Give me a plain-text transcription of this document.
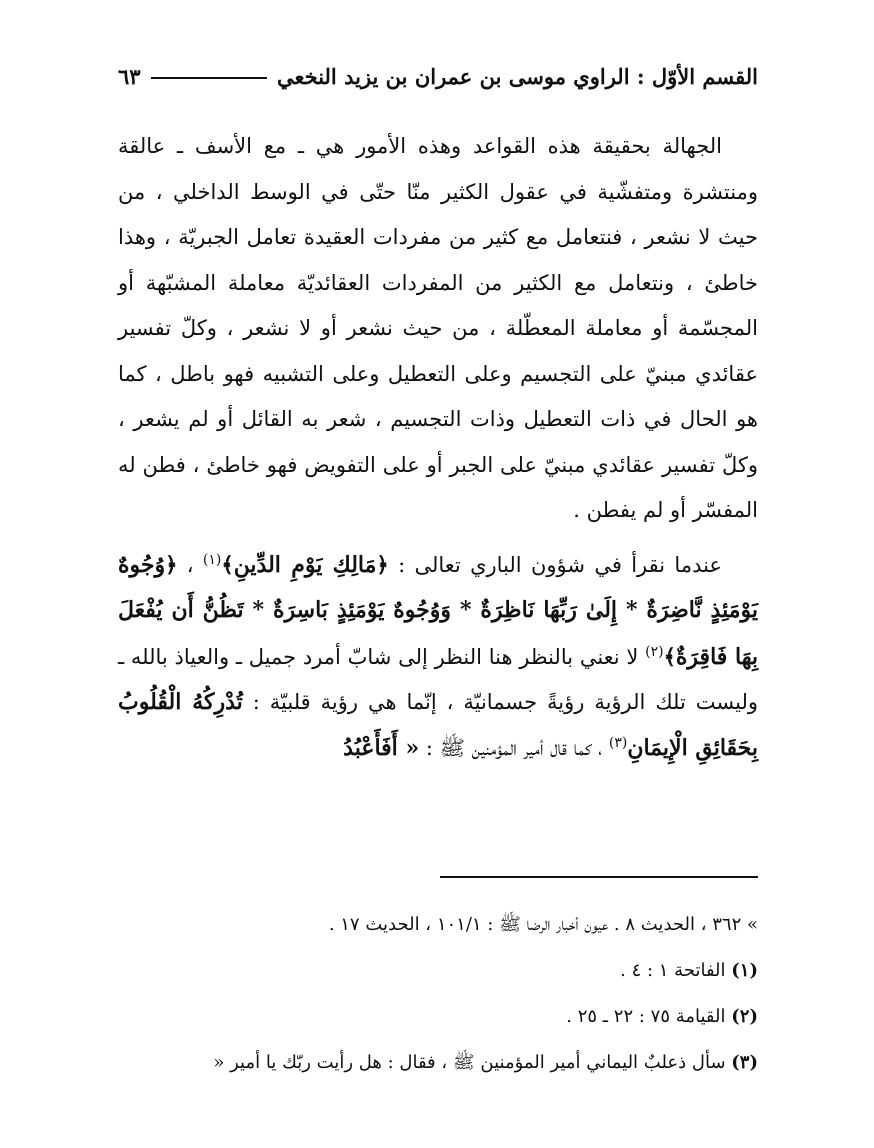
القسم الأوّل : الراوي موسى بن عمران بن يزيد النخعي
٦٣

الجهالة بحقيقة هذه القواعد وهذه الأمور هي ـ مع الأسف ـ عالقة ومنتشرة ومتفشّية في عقول الكثير منّا حتّى في الوسط الداخلي ، من حيث لا نشعر ، فنتعامل مع كثير من مفردات العقيدة تعامل الجبريّة ، وهذا خاطئ ، ونتعامل مع الكثير من المفردات العقائديّة معاملة المشبّهة أو المجسّمة أو معاملة المعطّلة ، من حيث نشعر أو لا نشعر ، وكلّ تفسير عقائدي مبنيّ على التجسيم وعلى التعطيل وعلى التشبيه فهو باطل ، كما هو الحال في ذات التعطيل وذات التجسيم ، شعر به القائل أو لم يشعر ، وكلّ تفسير عقائدي مبنيّ على الجبر أو على التفويض فهو خاطئ ، فطن له المفسّر أو لم يفطن .

عندما نقرأ في شؤون الباري تعالى : ﴿مَالِكِ يَوْمِ الدِّينِ﴾$^{(١)}$ ، ﴿وُجُوهٌ يَوْمَئِذٍ نَّاضِرَةٌ * إِلَىٰ رَبِّهَا نَاظِرَةٌ * وَوُجُوهٌ يَوْمَئِذٍ بَاسِرَةٌ * تَظُنُّ أَن يُفْعَلَ بِهَا فَاقِرَةٌ﴾$^{(٢)}$ لا نعني بالنظر هنا النظر إلى شابّ أمرد جميل ـ والعياذ بالله ـ وليست تلك الرؤية رؤيةً جسمانيّة ، إنّما هي رؤية قلبيّة : تُدْرِكُهُ الْقُلُوبُ بِحَقَائِقِ الْإِيمَانِ$^{(٣)}$ ، كما قال أمير المؤمنين ﷺ : « أَفَأَعْبُدُ

» ٣٦٢ ، الحديث ٨ . عيون أخبار الرضا ﷺ : ١٠١/١ ، الحديث ١٧ .

(١) الفاتحة ١ : ٤ .

(٢) القيامة ٧٥ : ٢٢ ـ ٢٥ .

(٣) سأل ذعلبٌ اليماني أمير المؤمنين ﷺ ، فقال : هل رأيت ربّك يا أمير «
